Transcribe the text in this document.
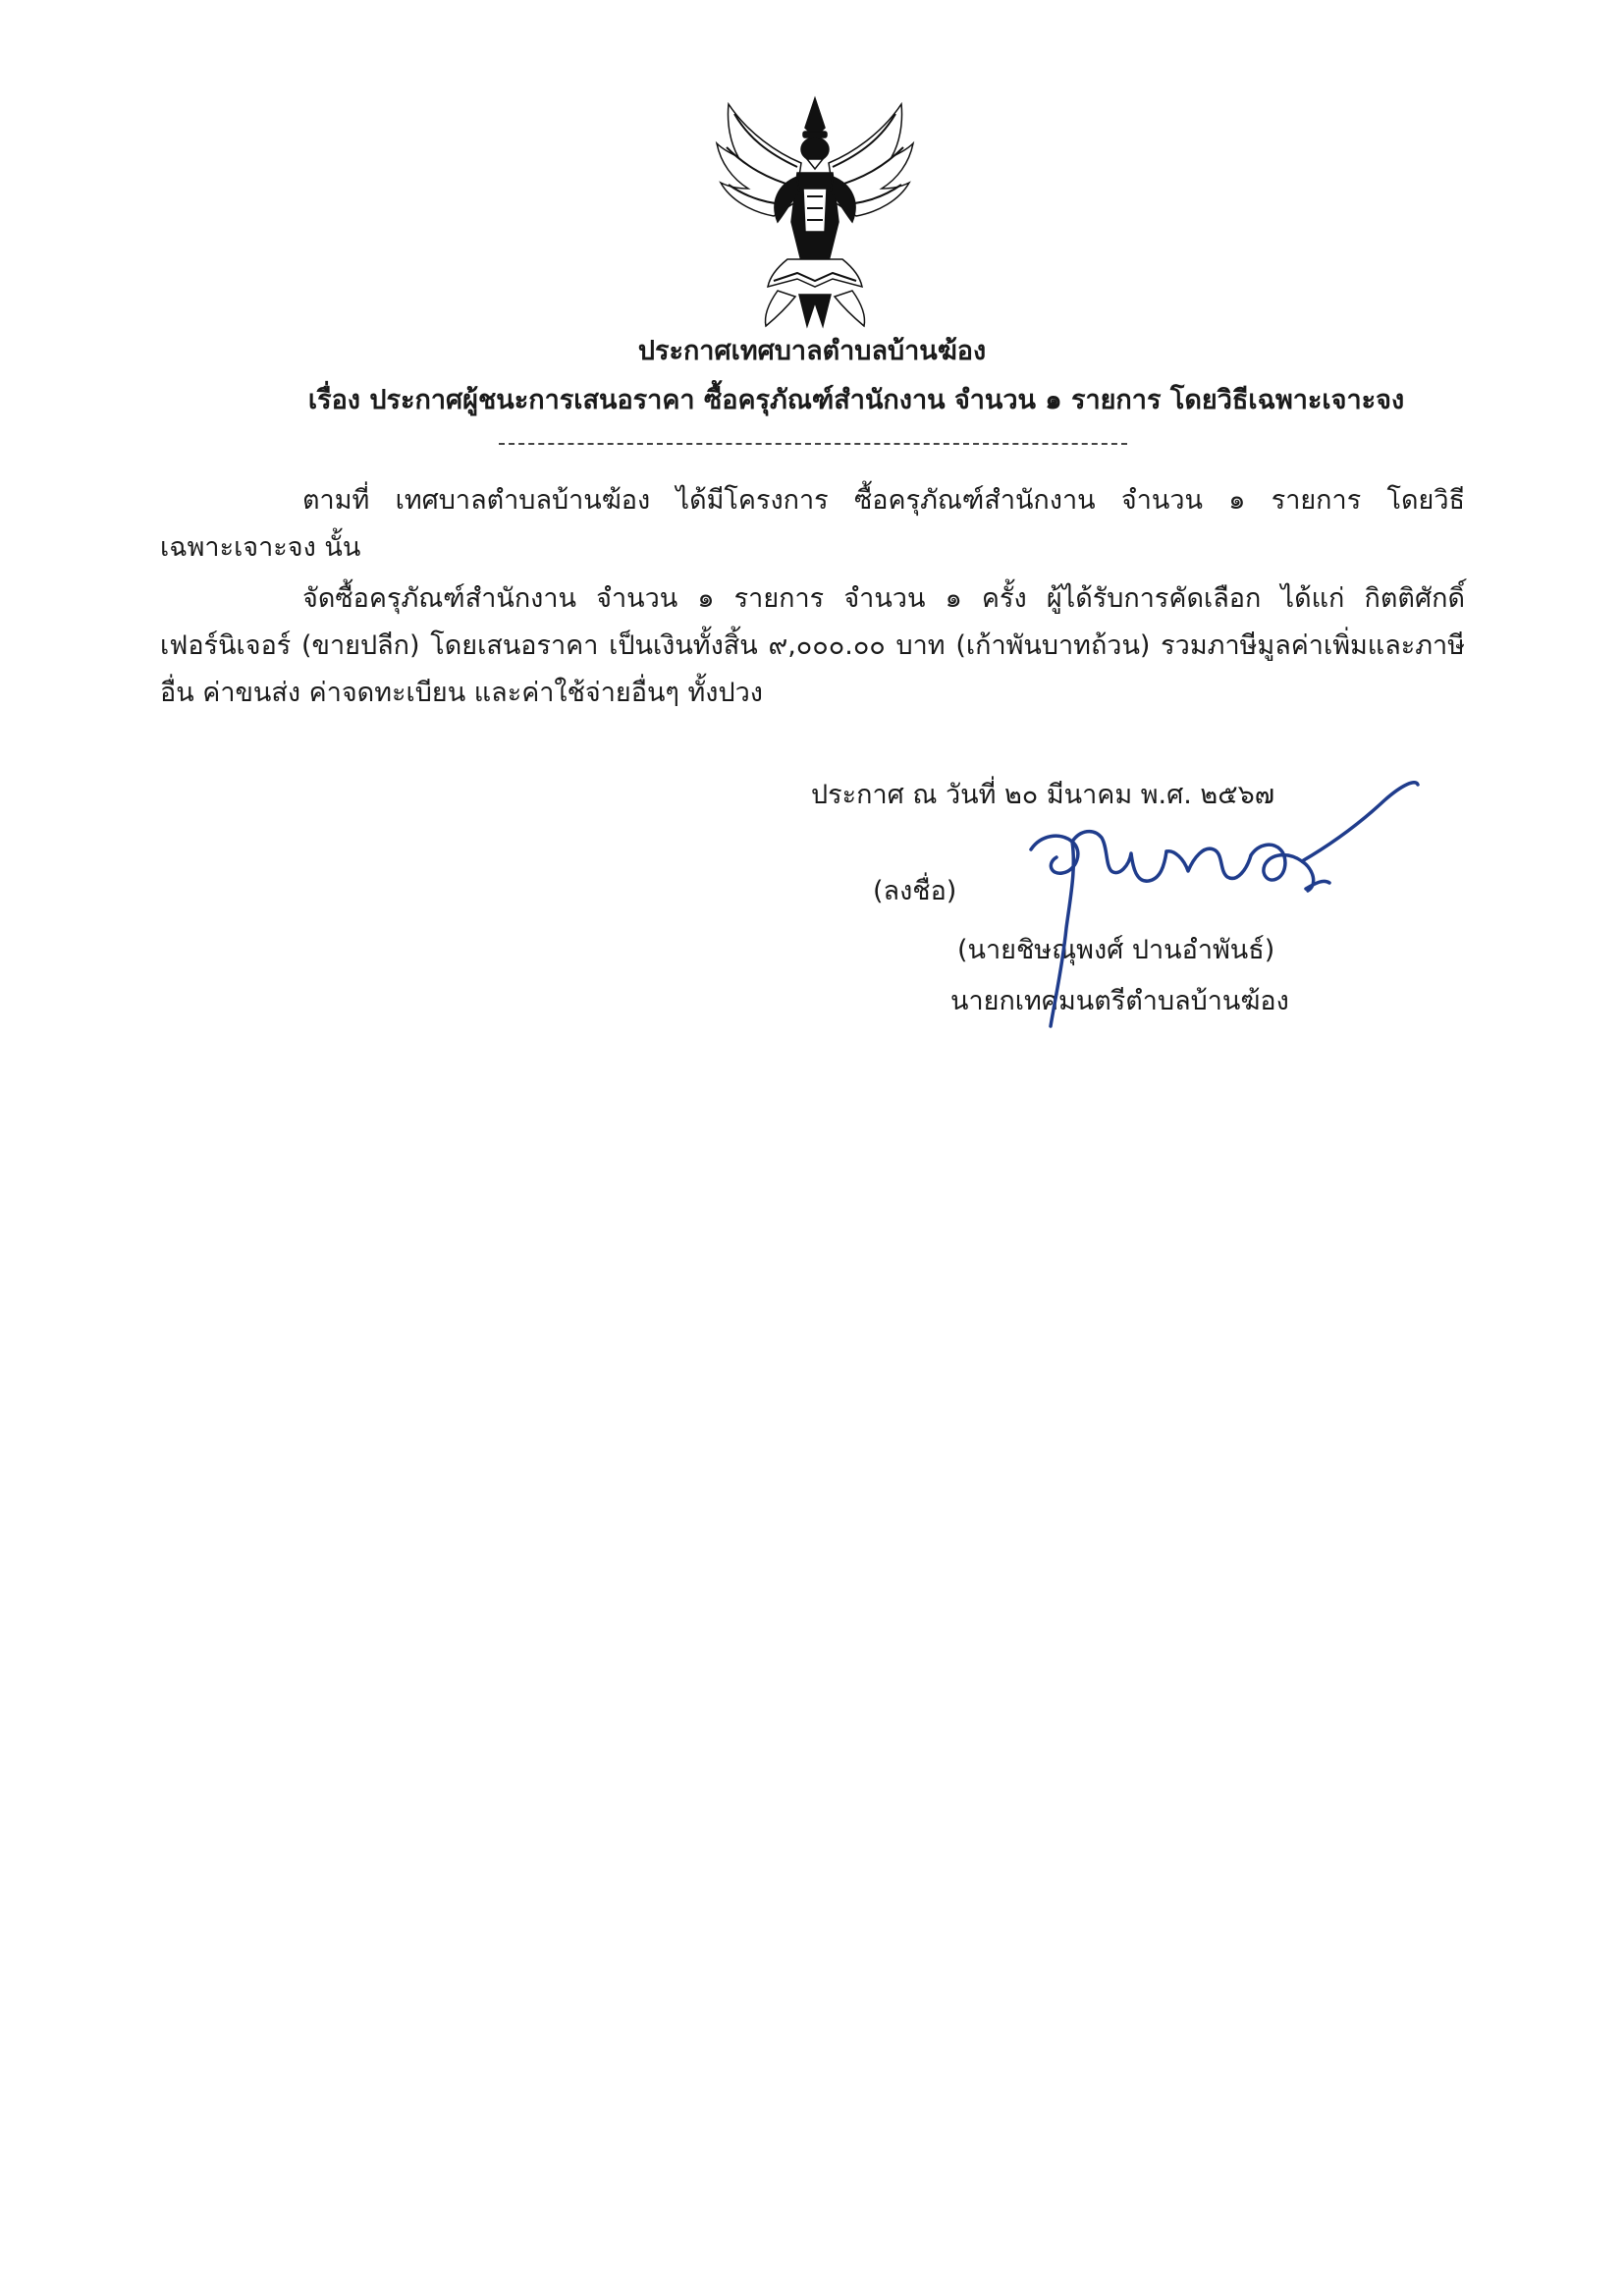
ประกาศเทศบาลตำบลบ้านฆ้อง
เรื่อง ประกาศผู้ชนะการเสนอราคา ซื้อครุภัณฑ์สำนักงาน จำนวน ๑ รายการ โดยวิธีเฉพาะเจาะจง
ตามที่ เทศบาลตำบลบ้านฆ้อง ได้มีโครงการ ซื้อครุภัณฑ์สำนักงาน จำนวน ๑ รายการ โดยวิธี
เฉพาะเจาะจง นั้น
จัดซื้อครุภัณฑ์สำนักงาน จำนวน ๑ รายการ จำนวน ๑ ครั้ง ผู้ได้รับการคัดเลือก ได้แก่ กิตติศักดิ์
เฟอร์นิเจอร์ (ขายปลีก) โดยเสนอราคา เป็นเงินทั้งสิ้น ๙,๐๐๐.๐๐ บาท (เก้าพันบาทถ้วน) รวมภาษีมูลค่าเพิ่มและภาษี
อื่น ค่าขนส่ง ค่าจดทะเบียน และค่าใช้จ่ายอื่นๆ ทั้งปวง
ประกาศ ณ วันที่ ๒๐ มีนาคม พ.ศ. ๒๕๖๗
(ลงชื่อ)
(นายชิษณุพงศ์ ปานอำพันธ์)
นายกเทศมนตรีตำบลบ้านฆ้อง
